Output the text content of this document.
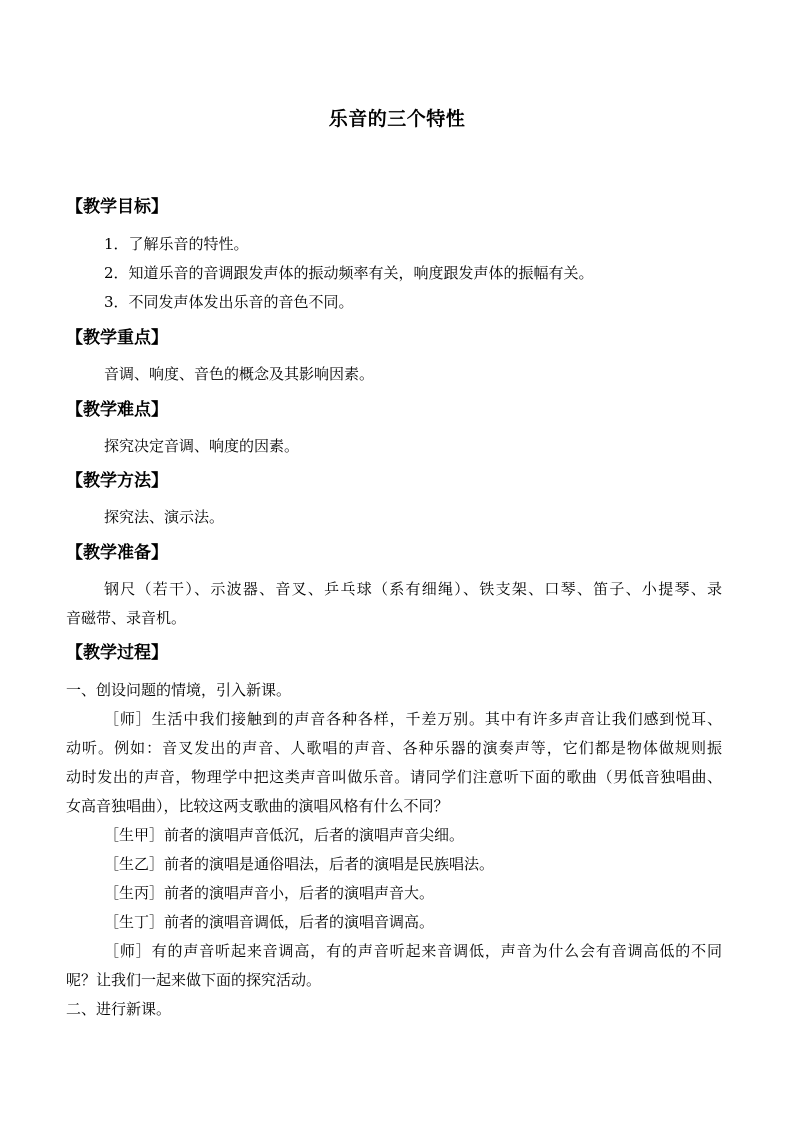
乐音的三个特性
【教学目标】
1．了解乐音的特性。
2．知道乐音的音调跟发声体的振动频率有关，响度跟发声体的振幅有关。
3．不同发声体发出乐音的音色不同。
【教学重点】
音调、响度、音色的概念及其影响因素。
【教学难点】
探究决定音调、响度的因素。
【教学方法】
探究法、演示法。
【教学准备】
钢尺（若干）、示波器、音叉、乒乓球（系有细绳）、铁支架、口琴、笛子、小提琴、录
音磁带、录音机。
【教学过程】
一、创设问题的情境，引入新课。
［师］生活中我们接触到的声音各种各样，千差万别。其中有许多声音让我们感到悦耳、
动听。例如：音叉发出的声音、人歌唱的声音、各种乐器的演奏声等，它们都是物体做规则振
动时发出的声音，物理学中把这类声音叫做乐音。请同学们注意听下面的歌曲（男低音独唱曲、
女高音独唱曲），比较这两支歌曲的演唱风格有什么不同？
［生甲］前者的演唱声音低沉，后者的演唱声音尖细。
［生乙］前者的演唱是通俗唱法，后者的演唱是民族唱法。
［生丙］前者的演唱声音小，后者的演唱声音大。
［生丁］前者的演唱音调低，后者的演唱音调高。
［师］有的声音听起来音调高，有的声音听起来音调低，声音为什么会有音调高低的不同
呢？让我们一起来做下面的探究活动。
二、进行新课。
